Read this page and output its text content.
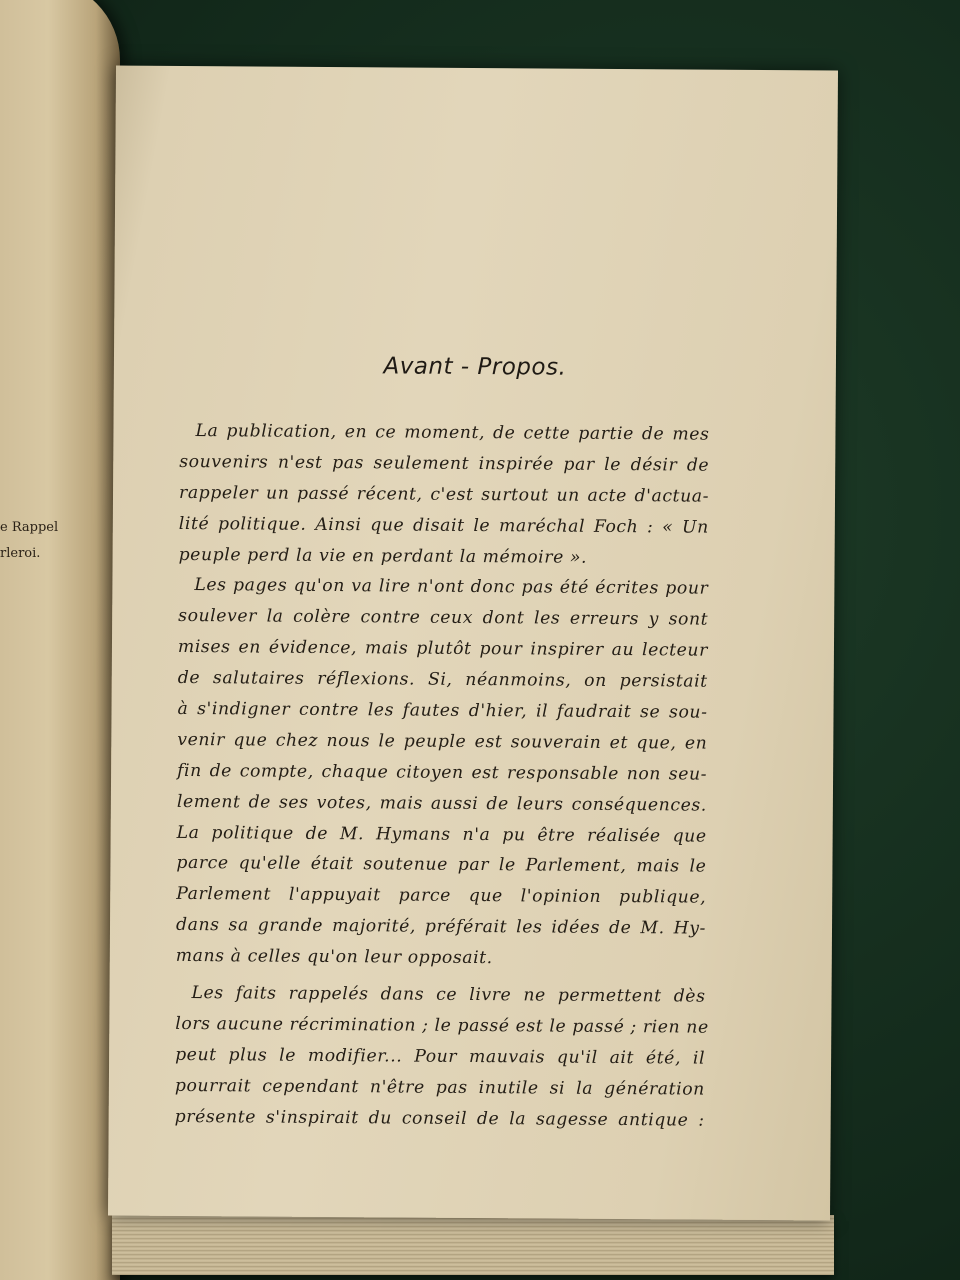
e Rappel
rleroi.
Avant - Propos.
La publication, en ce moment, de cette partie de mes
souvenirs n'est pas seulement inspirée par le désir de
rappeler un passé récent, c'est surtout un acte d'actua-
lité politique. Ainsi que disait le maréchal Foch : « Un
peuple perd la vie en perdant la mémoire ».
Les pages qu'on va lire n'ont donc pas été écrites pour
soulever la colère contre ceux dont les erreurs y sont
mises en évidence, mais plutôt pour inspirer au lecteur
de salutaires réflexions. Si, néanmoins, on persistait
à s'indigner contre les fautes d'hier, il faudrait se sou-
venir que chez nous le peuple est souverain et que, en
fin de compte, chaque citoyen est responsable non seu-
lement de ses votes, mais aussi de leurs conséquences.
La politique de M. Hymans n'a pu être réalisée que
parce qu'elle était soutenue par le Parlement, mais le
Parlement l'appuyait parce que l'opinion publique,
dans sa grande majorité, préférait les idées de M. Hy-
mans à celles qu'on leur opposait.
Les faits rappelés dans ce livre ne permettent dès
lors aucune récrimination ; le passé est le passé ; rien ne
peut plus le modifier... Pour mauvais qu'il ait été, il
pourrait cependant n'être pas inutile si la génération
présente s'inspirait du conseil de la sagesse antique :
